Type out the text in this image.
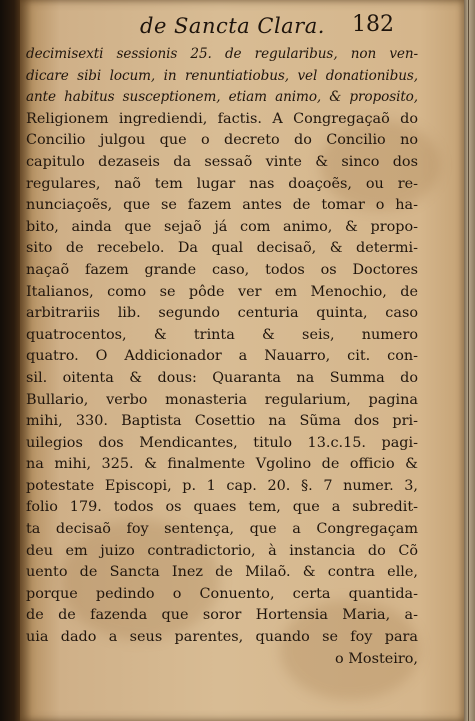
de Sancta Clara. 182
decimisexti sessionis 25. de regularibus, non ven-
dicare sibi locum, in renuntiatiobus, vel donationibus,
ante habitus susceptionem, etiam animo, & proposito,
Religionem ingrediendi, factis. A Congregaçaõ do
Concilio julgou que o decreto do Concilio no
capitulo dezaseis da sessaõ vinte & sinco dos
regulares, naõ tem lugar nas doaçoẽs, ou re-
nunciaçoẽs, que se fazem antes de tomar o ha-
bito, ainda que sejaõ já com animo, & propo-
sito de recebelo. Da qual decisaõ, & determi-
naçaõ fazem grande caso, todos os Doctores
Italianos, como se pôde ver em Menochio, de
arbitrariis lib. segundo centuria quinta, caso
quatrocentos, & trinta & seis, numero
quatro. O Addicionador a Nauarro, cit. con-
sil. oitenta & dous: Quaranta na Summa do
Bullario, verbo monasteria regularium, pagina
mihi, 330. Baptista Cosettio na Sũma dos pri-
uilegios dos Mendicantes, titulo 13.c.15. pagi-
na mihi, 325. & finalmente Vgolino de officio &
potestate Episcopi, p. 1 cap. 20. §. 7 numer. 3,
folio 179. todos os quaes tem, que a subredit-
ta decisaõ foy sentença, que a Congregaçam
deu em juizo contradictorio, à instancia do Cõ
uento de Sancta Inez de Milaõ. & contra elle,
porque pedindo o Conuento, certa quantida-
de de fazenda que soror Hortensia Maria, a-
uia dado a seus parentes, quando se foy para
o Mosteiro,
